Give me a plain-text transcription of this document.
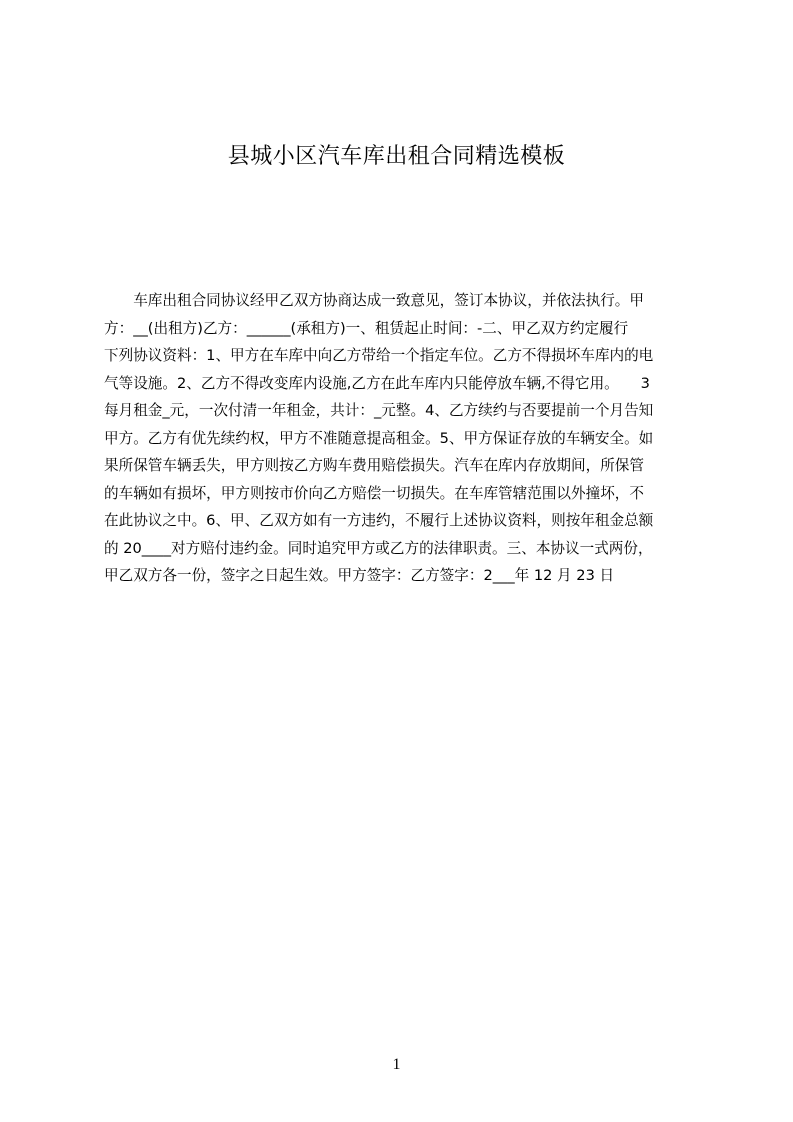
县城小区汽车库出租合同精选模板
　　车库出租合同协议经甲乙双方协商达成一致意见，签订本协议，并依法执行。甲
方：__(出租方)乙方：______(承租方)一、租赁起止时间：-二、甲乙双方约定履行
下列协议资料：1、甲方在车库中向乙方带给一个指定车位。乙方不得损坏车库内的电
气等设施。2、乙方不得改变库内设施,乙方在此车库内只能停放车辆,不得它用。　　3
每月租金_元，一次付清一年租金，共计：_元整。4、乙方续约与否要提前一个月告知
甲方。乙方有优先续约权，甲方不准随意提高租金。5、甲方保证存放的车辆安全。如
果所保管车辆丢失，甲方则按乙方购车费用赔偿损失。汽车在库内存放期间，所保管
的车辆如有损坏，甲方则按市价向乙方赔偿一切损失。在车库管辖范围以外撞坏，不
在此协议之中。6、甲、乙双方如有一方违约，不履行上述协议资料，则按年租金总额
的 20____对方赔付违约金。同时追究甲方或乙方的法律职责。三、本协议一式两份，
甲乙双方各一份，签字之日起生效。甲方签字：乙方签字：2___年 12 月 23 日
1
